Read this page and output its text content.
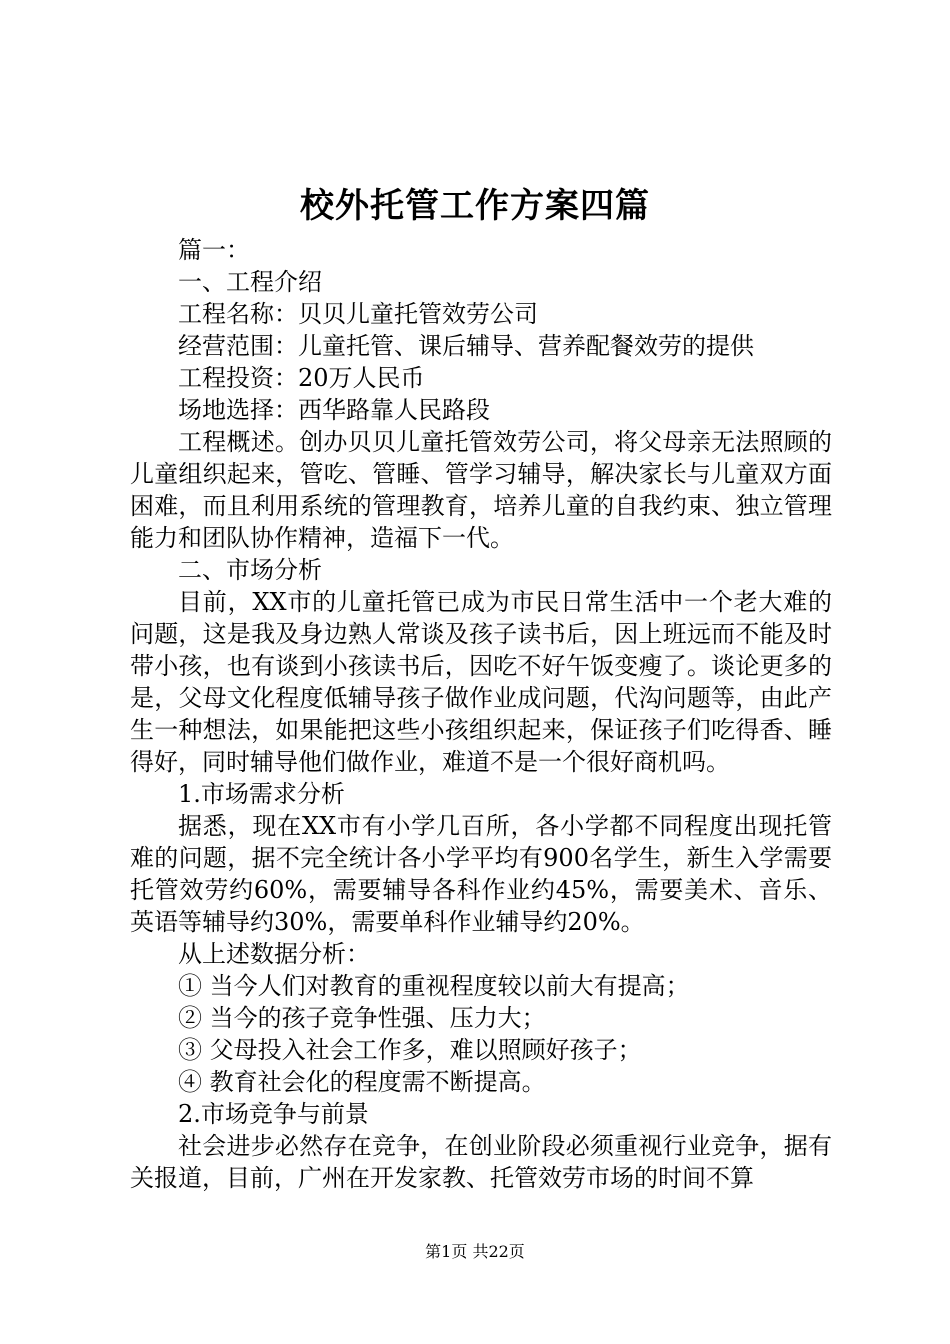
校外托管工作方案四篇

篇一：

一、工程介绍

工程名称：贝贝儿童托管效劳公司

经营范围：儿童托管、课后辅导、营养配餐效劳的提供

工程投资：20万人民币

场地选择：西华路靠人民路段

工程概述。创办贝贝儿童托管效劳公司，将父母亲无法照顾的儿童组织起来，管吃、管睡、管学习辅导，解决家长与儿童双方面困难，而且利用系统的管理教育，培养儿童的自我约束、独立管理能力和团队协作精神，造福下一代。

二、市场分析

目前，XX市的儿童托管已成为市民日常生活中一个老大难的问题，这是我及身边熟人常谈及孩子读书后，因上班远而不能及时带小孩，也有谈到小孩读书后，因吃不好午饭变瘦了。谈论更多的是，父母文化程度低辅导孩子做作业成问题，代沟问题等，由此产生一种想法，如果能把这些小孩组织起来，保证孩子们吃得香、睡得好，同时辅导他们做作业，难道不是一个很好商机吗。

1.市场需求分析

据悉，现在XX市有小学几百所，各小学都不同程度出现托管难的问题，据不完全统计各小学平均有900名学生，新生入学需要托管效劳约60%，需要辅导各科作业约45%，需要美术、音乐、英语等辅导约30%，需要单科作业辅导约20%。

从上述数据分析：

① 当今人们对教育的重视程度较以前大有提高；

② 当今的孩子竞争性强、压力大；

③ 父母投入社会工作多，难以照顾好孩子；

④ 教育社会化的程度需不断提高。

2.市场竞争与前景

社会进步必然存在竞争，在创业阶段必须重视行业竞争，据有关报道，目前，广州在开发家教、托管效劳市场的时间不算

第1页 共22页
